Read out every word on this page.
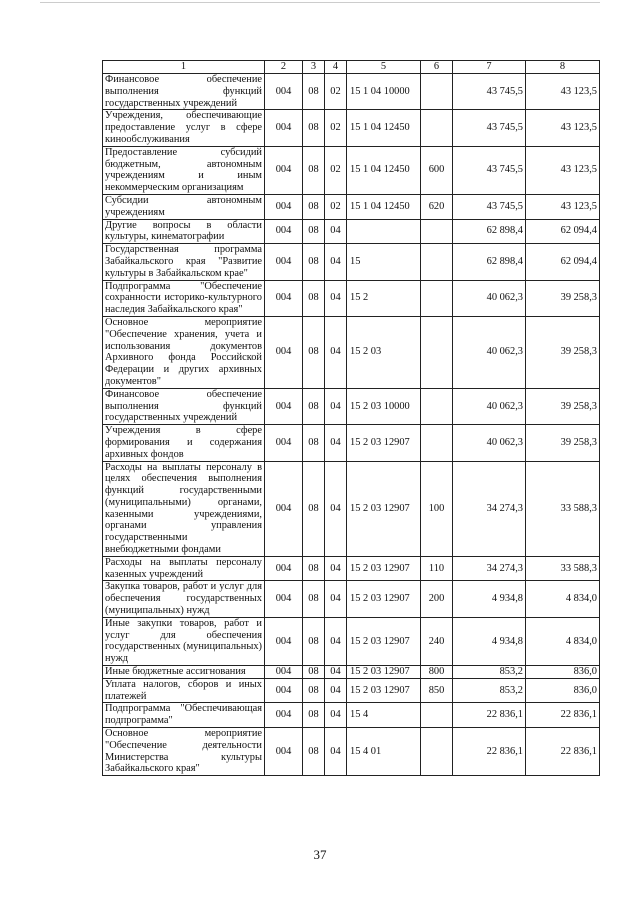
1	2	3	4	5	6	7	8
Финансовое обеспечение выполнения функций государственных учреждений	004	08	02	15 1 04 10000		43 745,5	43 123,5
Учреждения, обеспечивающие предоставление услуг в сфере кинообслуживания	004	08	02	15 1 04 12450		43 745,5	43 123,5
Предоставление субсидий бюджетным, автономным учреждениям и иным некоммерческим организациям	004	08	02	15 1 04 12450	600	43 745,5	43 123,5
Субсидии автономным учреждениям	004	08	02	15 1 04 12450	620	43 745,5	43 123,5
Другие вопросы в области культуры, кинематографии	004	08	04			62 898,4	62 094,4
Государственная программа Забайкальского края "Развитие культуры в Забайкальском крае"	004	08	04	15		62 898,4	62 094,4
Подпрограмма "Обеспечение сохранности историко-культурного наследия Забайкальского края"	004	08	04	15 2		40 062,3	39 258,3
Основное мероприятие "Обеспечение хранения, учета и использования документов Архивного фонда Российской Федерации и других архивных документов"	004	08	04	15 2 03		40 062,3	39 258,3
Финансовое обеспечение выполнения функций государственных учреждений	004	08	04	15 2 03 10000		40 062,3	39 258,3
Учреждения в сфере формирования и содержания архивных фондов	004	08	04	15 2 03 12907		40 062,3	39 258,3
Расходы на выплаты персоналу в целях обеспечения выполнения функций государственными (муниципальными) органами, казенными учреждениями, органами управления государственными внебюджетными фондами	004	08	04	15 2 03 12907	100	34 274,3	33 588,3
Расходы на выплаты персоналу казенных учреждений	004	08	04	15 2 03 12907	110	34 274,3	33 588,3
Закупка товаров, работ и услуг для обеспечения государственных (муниципальных) нужд	004	08	04	15 2 03 12907	200	4 934,8	4 834,0
Иные закупки товаров, работ и услуг для обеспечения государственных (муниципальных) нужд	004	08	04	15 2 03 12907	240	4 934,8	4 834,0
Иные бюджетные ассигнования	004	08	04	15 2 03 12907	800	853,2	836,0
Уплата налогов, сборов и иных платежей	004	08	04	15 2 03 12907	850	853,2	836,0
Подпрограмма "Обеспечивающая подпрограмма"	004	08	04	15 4		22 836,1	22 836,1
Основное мероприятие "Обеспечение деятельности Министерства культуры Забайкальского края"	004	08	04	15 4 01		22 836,1	22 836,1
37
